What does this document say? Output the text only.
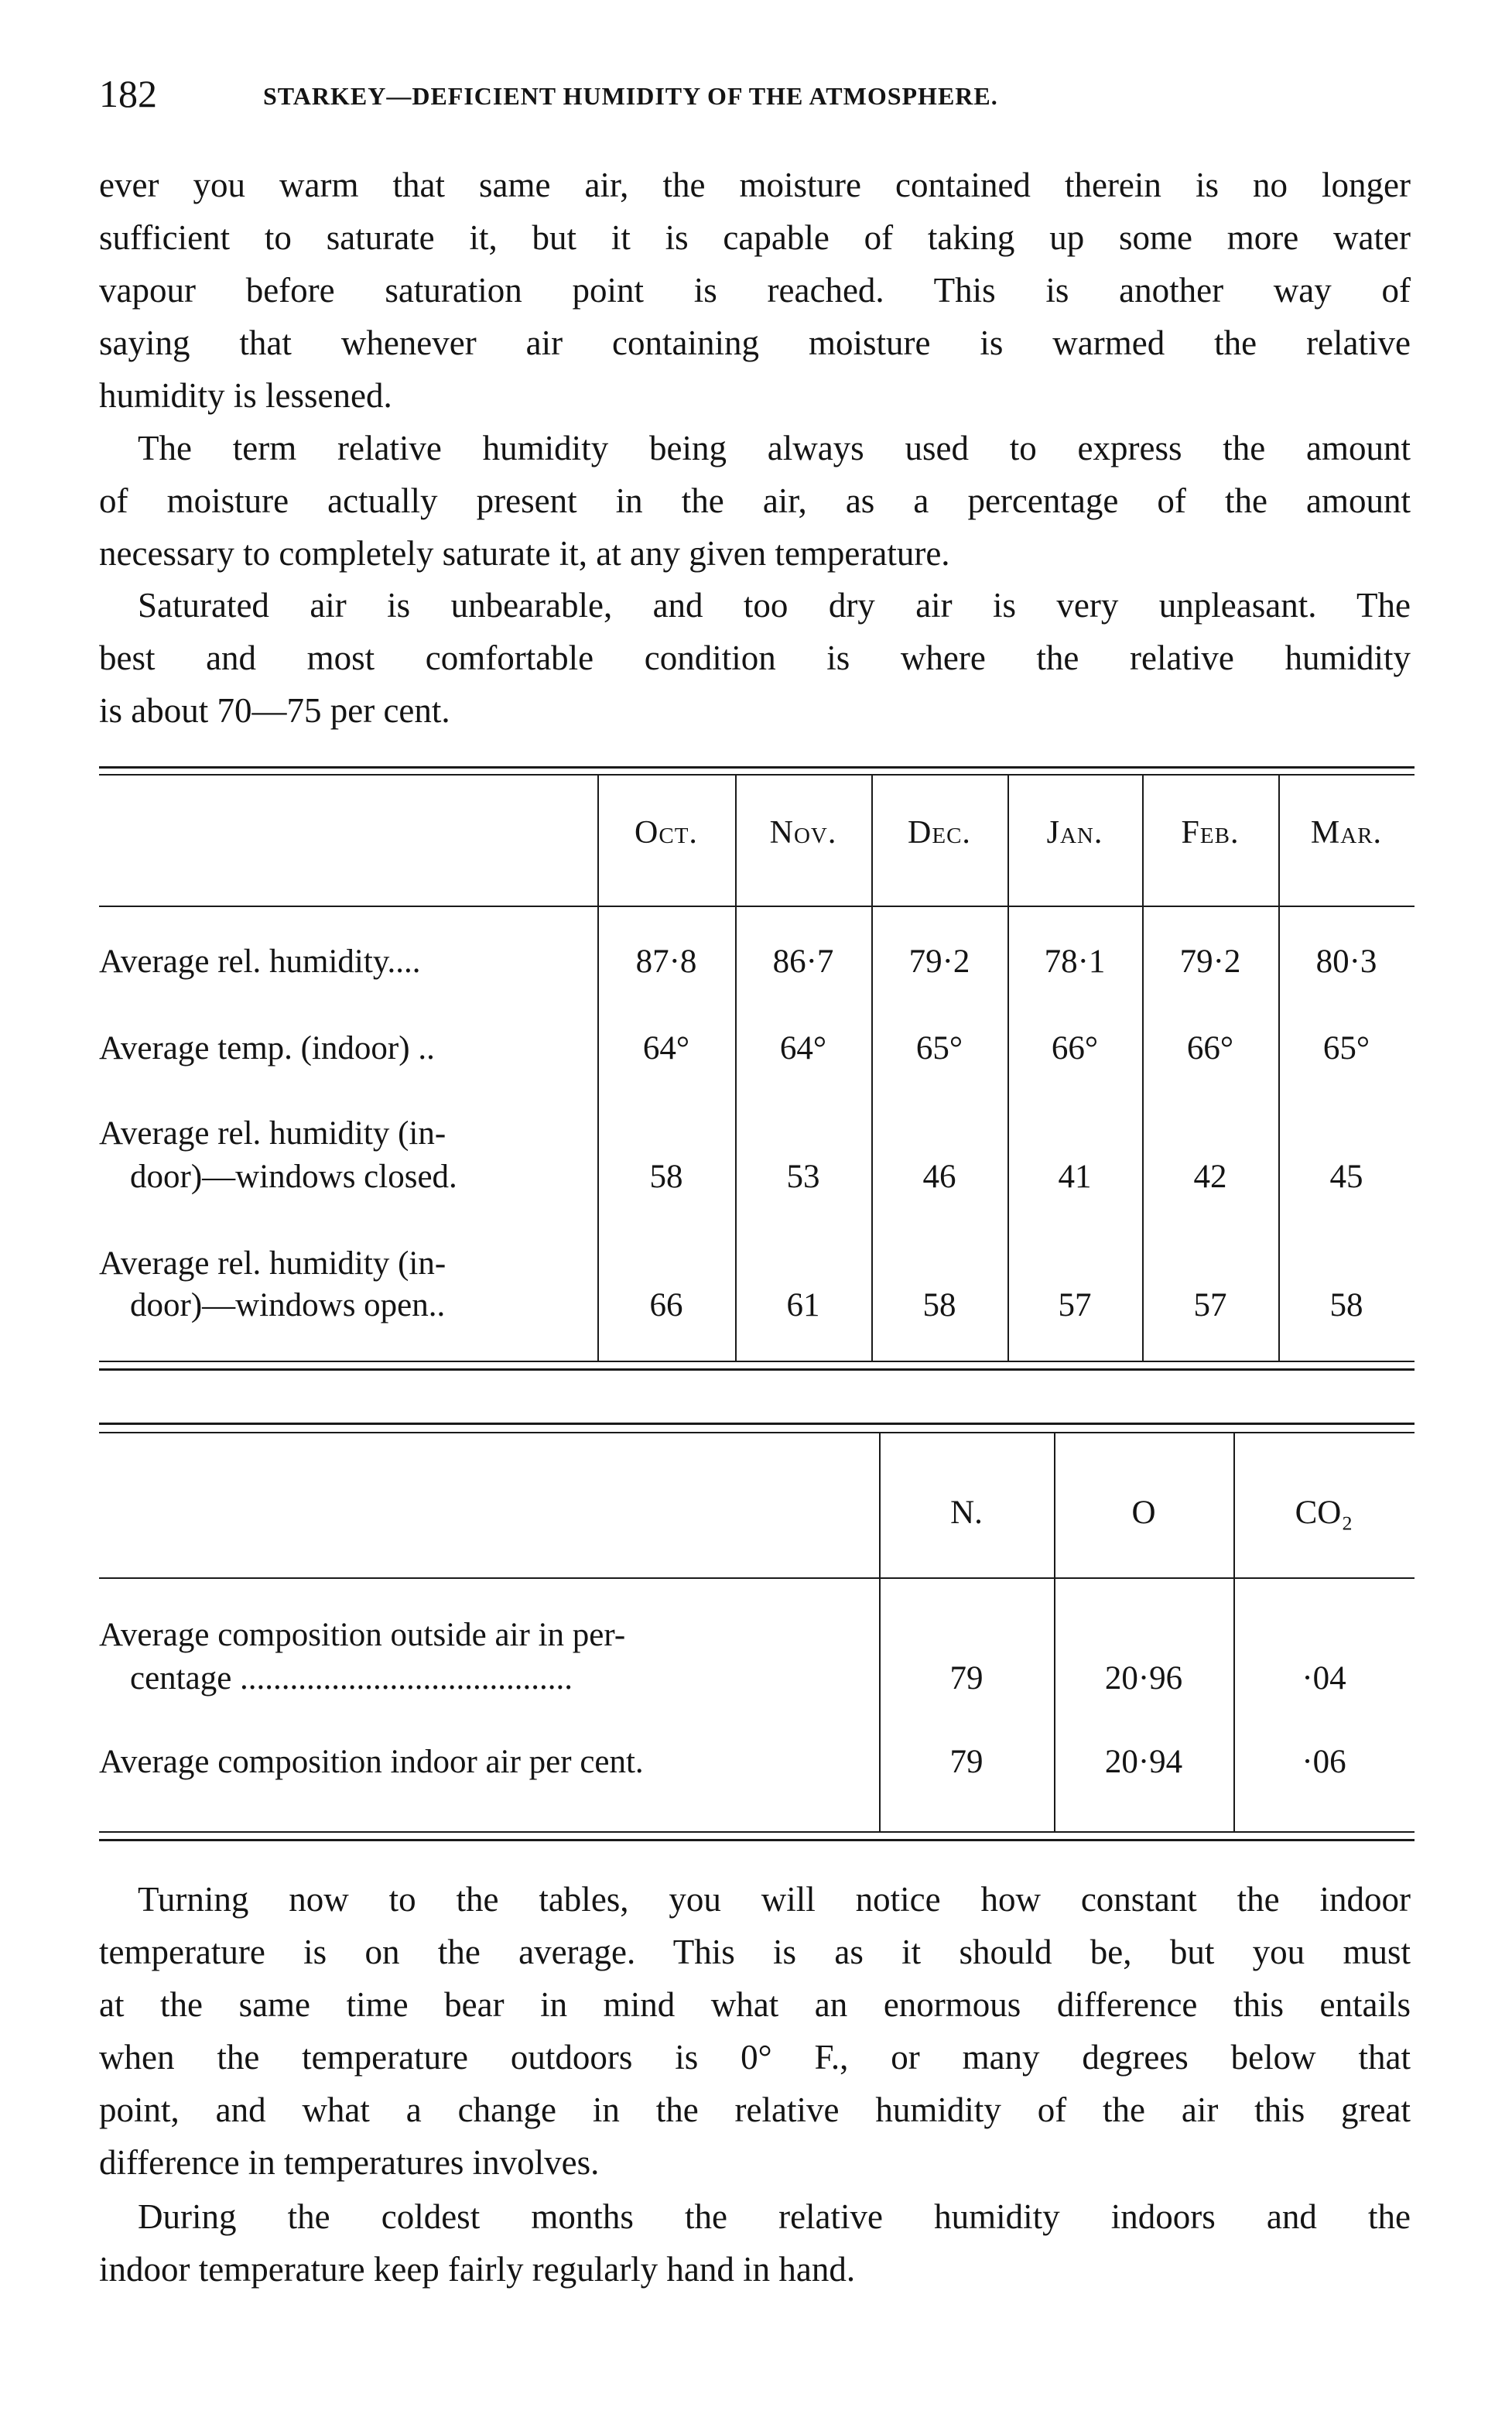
182	STARKEY—DEFICIENT HUMIDITY OF THE ATMOSPHERE.
ever you warm that same air, the moisture contained therein is no longer
sufficient to saturate it, but it is capable of taking up some more water
vapour before saturation point is reached. This is another way of
saying that whenever air containing moisture is warmed the relative
humidity is lessened.
The term relative humidity being always used to express the amount
of moisture actually present in the air, as a percentage of the amount
necessary to completely saturate it, at any given temperature.
Saturated air is unbearable, and too dry air is very unpleasant. The
best and most comfortable condition is where the relative humidity
is about 70—75 per cent.
Oct.	Nov.	Dec.	Jan.	Feb.	Mar.
Average rel. humidity....	87·8	86·7	79·2	78·1	79·2	80·3
Average temp. (indoor) ..	64°	64°	65°	66°	66°	65°
Average rel. humidity (in-
door)—windows closed.	58	53	46	41	42	45
Average rel. humidity (in-
door)—windows open..	66	61	58	57	57	58
N.	O	CO₂
Average composition outside air in per-
centage ........................................	79	20·96	·04
Average composition indoor air per cent.	79	20·94	·06
Turning now to the tables, you will notice how constant the indoor
temperature is on the average. This is as it should be, but you must
at the same time bear in mind what an enormous difference this entails
when the temperature outdoors is 0° F., or many degrees below that
point, and what a change in the relative humidity of the air this great
difference in temperatures involves.
During the coldest months the relative humidity indoors and the
indoor temperature keep fairly regularly hand in hand.
